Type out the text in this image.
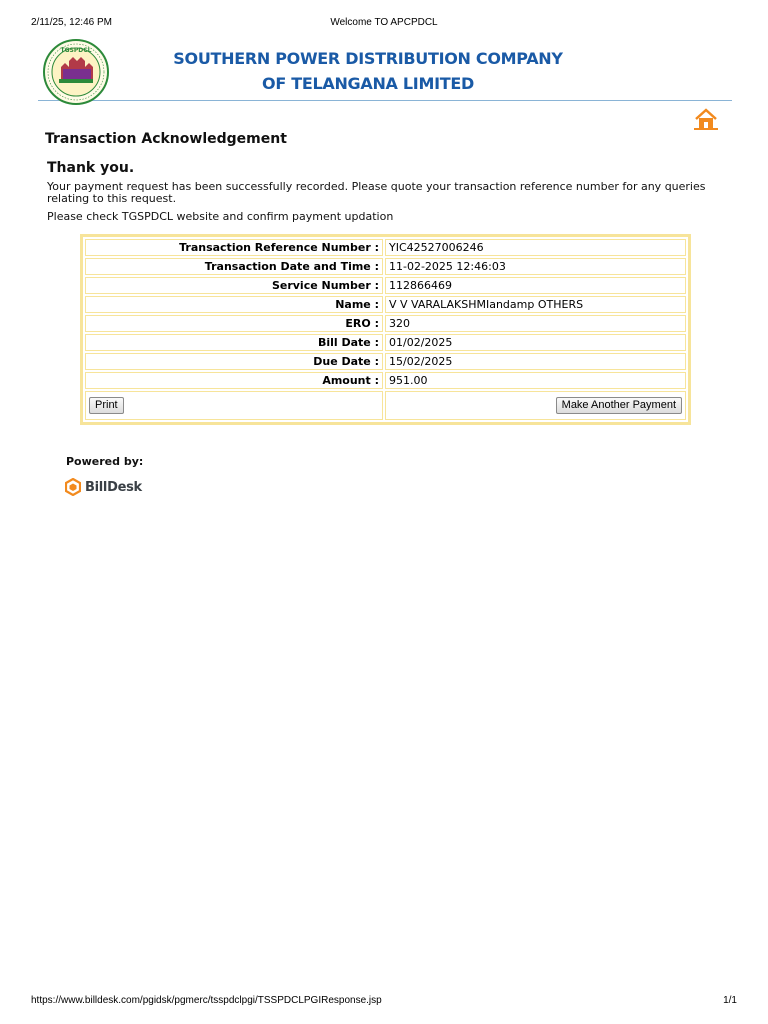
2/11/25, 12:46 PM	Welcome TO APCPDCL
TGSPDCL	SOUTHERN POWER DISTRIBUTION COMPANY
OF TELANGANA LIMITED
Transaction Acknowledgement
Thank you.
Your payment request has been successfully recorded. Please quote your transaction reference number for any queries relating to this request.
Please check TGSPDCL website and confirm payment updation
Transaction Reference Number :	YIC42527006246
Transaction Date and Time :	11-02-2025 12:46:03
Service Number :	112866469
Name :	V V VARALAKSHMIandamp OTHERS
ERO :	320
Bill Date :	01/02/2025
Due Date :	15/02/2025
Amount :	951.00
Print	Make Another Payment
Powered by:
BillDesk
https://www.billdesk.com/pgidsk/pgmerc/tsspdclpgi/TSSPDCLPGIResponse.jsp	1/1
